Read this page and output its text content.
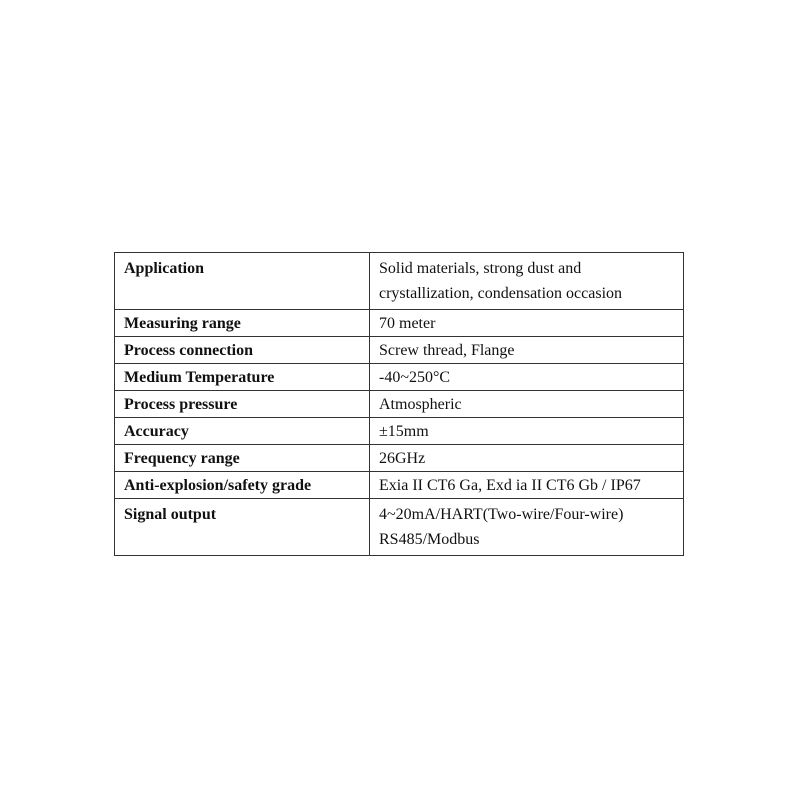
Application	Solid materials, strong dust and
crystallization, condensation occasion

Measuring range	70 meter

Process connection	Screw thread, Flange

Medium Temperature	-40~250°C

Process pressure	Atmospheric

Accuracy	±15mm

Frequency range	26GHz

Anti-explosion/safety grade	Exia II CT6 Ga, Exd ia II CT6 Gb / IP67

Signal output	4~20mA/HART(Two-wire/Four-wire)
RS485/Modbus
